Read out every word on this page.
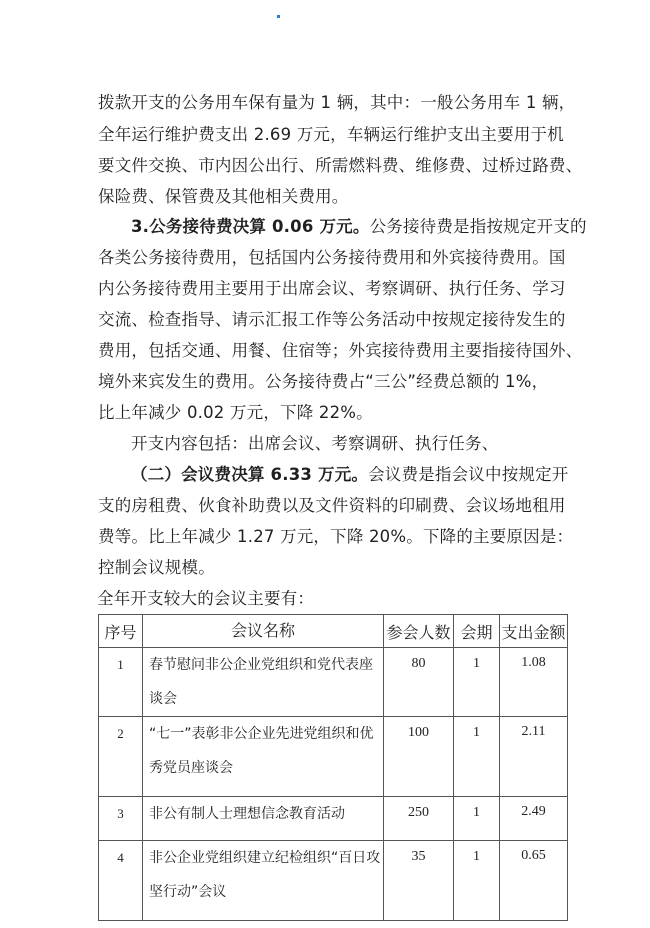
拨款开支的公务用车保有量为 1 辆，其中：一般公务用车 1 辆，
全年运行维护费支出 2.69 万元，车辆运行维护支出主要用于机
要文件交换、市内因公出行、所需燃料费、维修费、过桥过路费、
保险费、保管费及其他相关费用。
3.公务接待费决算 0.06 万元。公务接待费是指按规定开支的
各类公务接待费用，包括国内公务接待费用和外宾接待费用。国
内公务接待费用主要用于出席会议、考察调研、执行任务、学习
交流、检查指导、请示汇报工作等公务活动中按规定接待发生的
费用，包括交通、用餐、住宿等；外宾接待费用主要指接待国外、
境外来宾发生的费用。公务接待费占“三公”经费总额的 1%，
比上年减少 0.02 万元，下降 22%。
开支内容包括：出席会议、考察调研、执行任务、
（二）会议费决算 6.33 万元。会议费是指会议中按规定开
支的房租费、伙食补助费以及文件资料的印刷费、会议场地租用
费等。比上年减少 1.27 万元，下降 20%。下降的主要原因是：
控制会议规模。
全年开支较大的会议主要有：
序号	会议名称	参会人数	会期	支出金额
1	春节慰问非公企业党组织和党代表座谈会	80	1	1.08
2	“七一”表彰非公企业先进党组织和优秀党员座谈会	100	1	2.11
3	非公有制人士理想信念教育活动	250	1	2.49
4	非公企业党组织建立纪检组织“百日攻坚行动”会议	35	1	0.65
